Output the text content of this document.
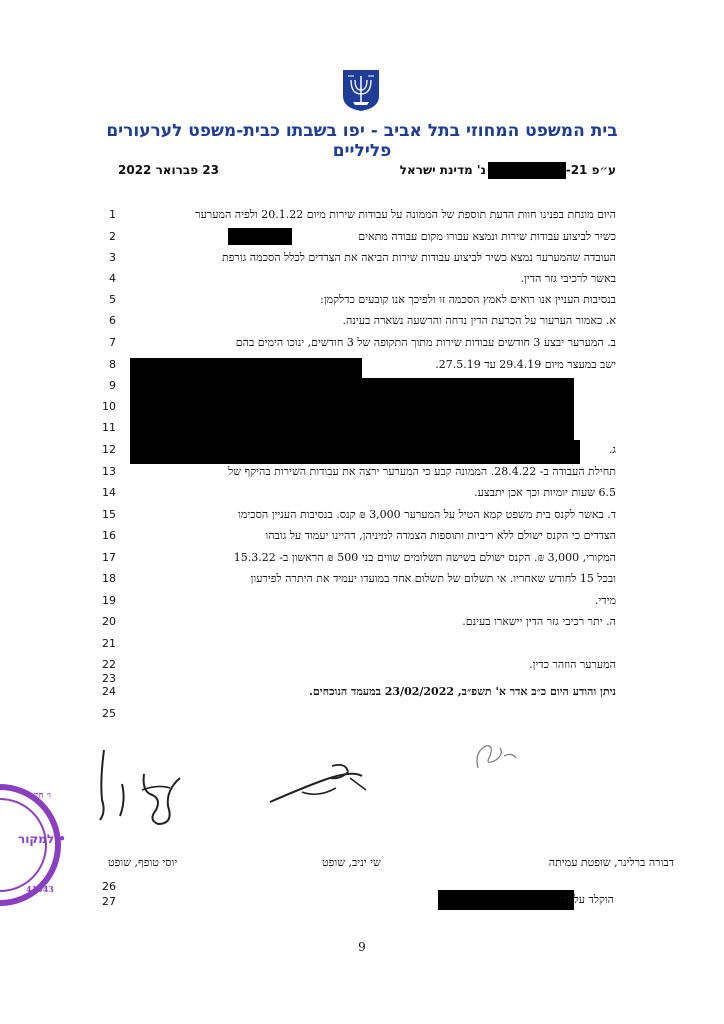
בית המשפט המחוזי בתל אביב - יפו בשבתו כבית-משפט לערעורים
פליליים
ע״פ 21-
נ' מדינת ישראל
23 פברואר 2022
1	היום מונחת בפנינו חוות הדעת תוספת של הממונה על עבודות שירות מיום 20.1.22 ולפיה המערער
2	כשיר לביצוע עבודות שירות ונמצא עבורו מקום עבודה מתאים
3	העובדה שהמערער נמצא כשיר לביצוע עבודות שירות הביאה את הצדדים לכלל הסכמה גורפת
4	באשר לרכיבי גזר הדין.
5	בנסיבות העניין אנו רואים לאמץ הסכמה זו ולפיכך אנו קובעים כדלקמן:
6	א. כאמור הערעור על הכרעת הדין נדחה והרשעה נשארה בעינה.
7	ב. המערער יבצע 3 חודשים עבודות שירות מתוך התקופה של 3 חודשים, ינוכו הימים בהם
8	ישב במעצר מיום 29.4.19 עד 27.5.19.
9
10
11
12	ג.
13	תחילת העבודה ב- 28.4.22. הממונה קבע כי המערער ירצה את עבודות השירות בהיקף של
14	6.5 שעות יומיות וכך אכן יתבצע.
15	ד. באשר לקנס בית משפט קמא הטיל על המערער 3,000 ₪ קנס. בנסיבות העניין הסכימו
16	הצדדים כי הקנס ישולם ללא ריביות ותוספות הצמדה למיניהן, דהיינו יעמוד על גובהו
17	המקורי, 3,000 ₪. הקנס ישולם בשישה תשלומים שווים בני 500 ₪ הראשון ב- 15.3.22
18	ובכל 15 לחודש שאחריו. אי תשלום של תשלום אחד במועדו יעמיד את היתרה לפירעון
19	מידי.
20	ה. יתר רכיבי גזר הדין יישארו בעינם.
21
22	המערער הוזהר כדין.
23
24	ניתן והודע היום כ״ב אדר א' תשפ״ב, 23/02/2022 במעמד הנוכחים.
25
ו׳ חיא
למקור •
41943
דבורה ברלינר, שופטת עמיתה
שי יניב, שופט
יוסי טופף, שופט
26
27	הוקלד על ידי
9
